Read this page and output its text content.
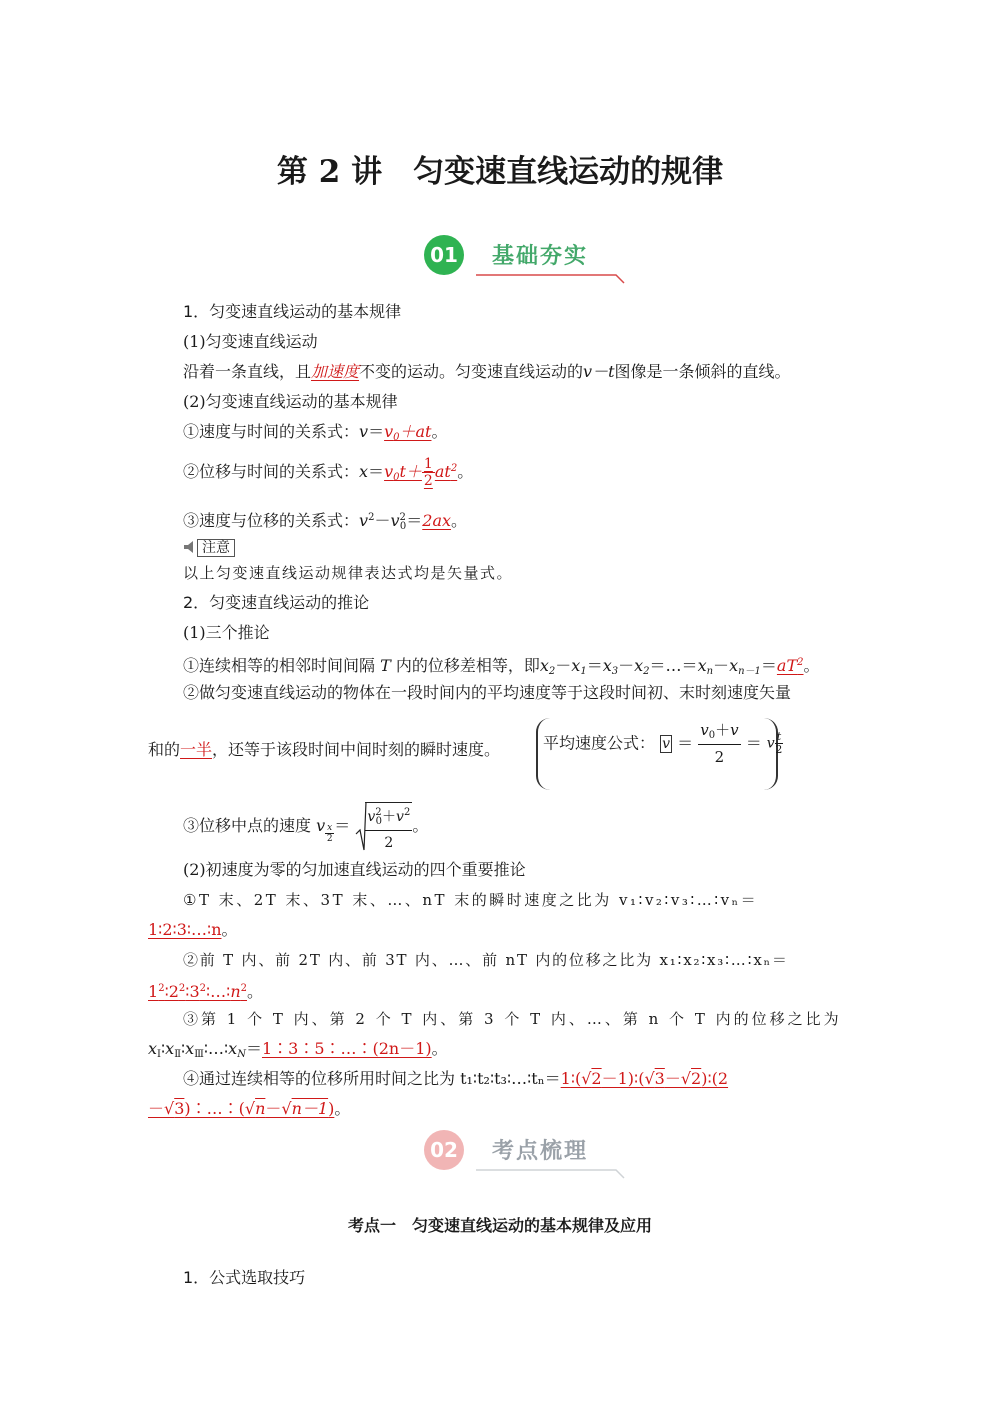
第 2 讲　匀变速直线运动的规律
01 基础夯实
1．匀变速直线运动的基本规律
(1)匀变速直线运动
沿着一条直线，且加速度不变的运动。匀变速直线运动的v－t图像是一条倾斜的直线。
(2)匀变速直线运动的基本规律
①速度与时间的关系式：$v=v_0+at$。
②位移与时间的关系式：$x=v_0t+ \frac{1}{2} at^2$。
③速度与位移的关系式：$v^2-v^2_0=2ax$。
注意
以上匀变速直线运动规律表达式均是矢量式。
2．匀变速直线运动的推论
(1)三个推论
①连续相等的相邻时间间隔 T 内的位移差相等，即$x_2-x_1=x_3-x_2=\dots=x_n-x_{n-1}=aT^2$。
②做匀变速直线运动的物体在一段时间内的平均速度等于这段时间初、末时刻速度矢量
和的一半，还等于该段时间中间时刻的瞬时速度。	平均速度公式： $v = \frac{v_0+v}{2} = v \frac{t}{2}$
③位移中点的速度 v $\frac{x}{2} = \frac{v^2_0+v^2}{2}$ 。
(2)初速度为零的匀加速直线运动的四个重要推论
①T 末、2T 末、3T 末、…、nT 末的瞬时速度之比为 v₁∶v₂∶v₃∶…∶vₙ＝
1∶2∶3∶…∶n。
②前 T 内、前 2T 内、前 3T 内、…、前 nT 内的位移之比为 x₁∶x₂∶x₃∶…∶xₙ＝
$1^2∶2^2∶3^2∶\dots∶n^2$。
③第 1 个 T 内、第 2 个 T 内、第 3 个 T 内、…、第 n 个 T 内的位移之比为
$x_Ⅰ∶x_Ⅱ∶x_Ⅲ∶\dots∶x_N=1∶3∶5∶\dots∶(2n-1)$。
④通过连续相等的位移所用时间之比为 t₁∶t₂∶t₃∶…∶tₙ＝1∶(√2－1)∶(√3－√2)∶(2
－√3)∶…∶(√n－√n－1)。
02 考点梳理
考点一　匀变速直线运动的基本规律及应用
1．公式选取技巧
